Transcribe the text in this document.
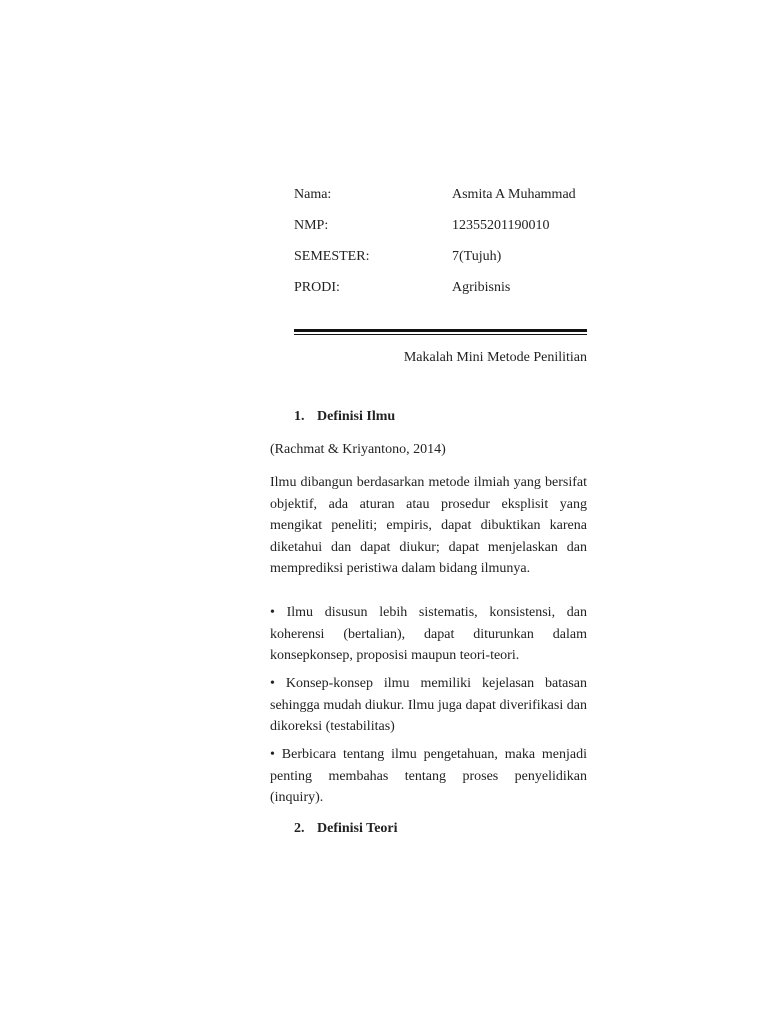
Nama:	Asmita A Muhammad
NMP:	12355201190010
SEMESTER:	7(Tujuh)
PRODI:	Agribisnis
Makalah Mini Metode Penilitian
1. Definisi Ilmu
(Rachmat & Kriyantono, 2014)
Ilmu dibangun berdasarkan metode ilmiah yang bersifat objektif, ada aturan atau prosedur eksplisit yang mengikat peneliti; empiris, dapat dibuktikan karena diketahui dan dapat diukur; dapat menjelaskan dan memprediksi peristiwa dalam bidang ilmunya.
• Ilmu disusun lebih sistematis, konsistensi, dan koherensi (bertalian), dapat diturunkan dalam konsepkonsep, proposisi maupun teori-teori.
• Konsep-konsep ilmu memiliki kejelasan batasan sehingga mudah diukur. Ilmu juga dapat diverifikasi dan dikoreksi (testabilitas)
• Berbicara tentang ilmu pengetahuan, maka menjadi penting membahas tentang proses penyelidikan (inquiry).
2. Definisi Teori
